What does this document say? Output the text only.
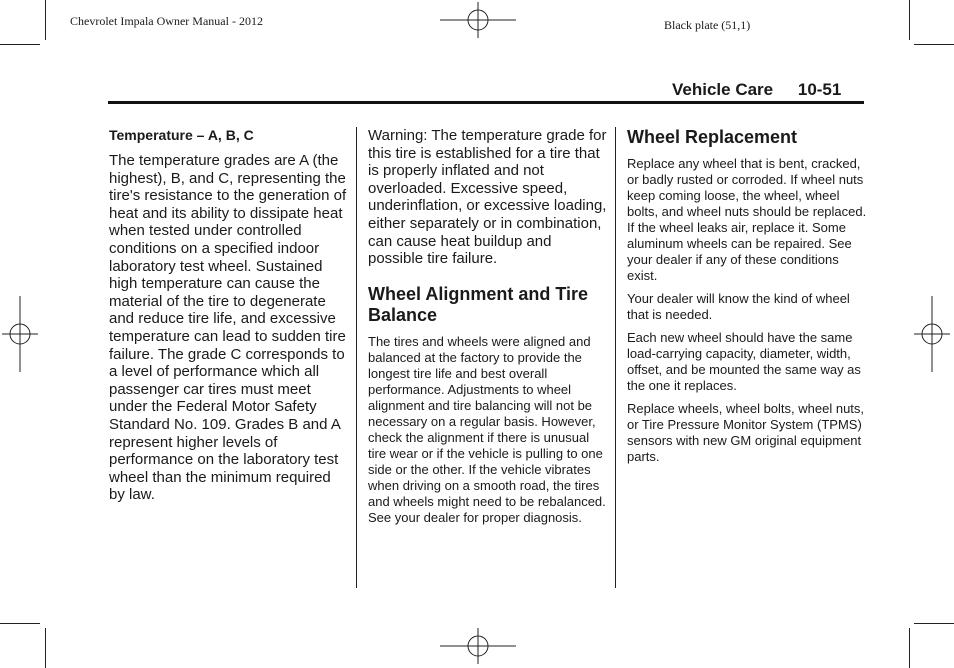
Chevrolet Impala Owner Manual - 2012	Black plate (51,1)
Vehicle Care 10-51

Temperature – A, B, C

The temperature grades are A (the highest), B, and C, representing the tire's resistance to the generation of heat and its ability to dissipate heat when tested under controlled conditions on a specified indoor laboratory test wheel. Sustained high temperature can cause the material of the tire to degenerate and reduce tire life, and excessive temperature can lead to sudden tire failure. The grade C corresponds to a level of performance which all passenger car tires must meet under the Federal Motor Safety Standard No. 109. Grades B and A represent higher levels of performance on the laboratory test wheel than the minimum required by law.

Warning: The temperature grade for this tire is established for a tire that is properly inflated and not overloaded. Excessive speed, underinflation, or excessive loading, either separately or in combination, can cause heat buildup and possible tire failure.

Wheel Alignment and Tire Balance

The tires and wheels were aligned and balanced at the factory to provide the longest tire life and best overall performance. Adjustments to wheel alignment and tire balancing will not be necessary on a regular basis. However, check the alignment if there is unusual tire wear or if the vehicle is pulling to one side or the other. If the vehicle vibrates when driving on a smooth road, the tires and wheels might need to be rebalanced. See your dealer for proper diagnosis.

Wheel Replacement

Replace any wheel that is bent, cracked, or badly rusted or corroded. If wheel nuts keep coming loose, the wheel, wheel bolts, and wheel nuts should be replaced. If the wheel leaks air, replace it. Some aluminum wheels can be repaired. See your dealer if any of these conditions exist.

Your dealer will know the kind of wheel that is needed.

Each new wheel should have the same load-carrying capacity, diameter, width, offset, and be mounted the same way as the one it replaces.

Replace wheels, wheel bolts, wheel nuts, or Tire Pressure Monitor System (TPMS) sensors with new GM original equipment parts.
